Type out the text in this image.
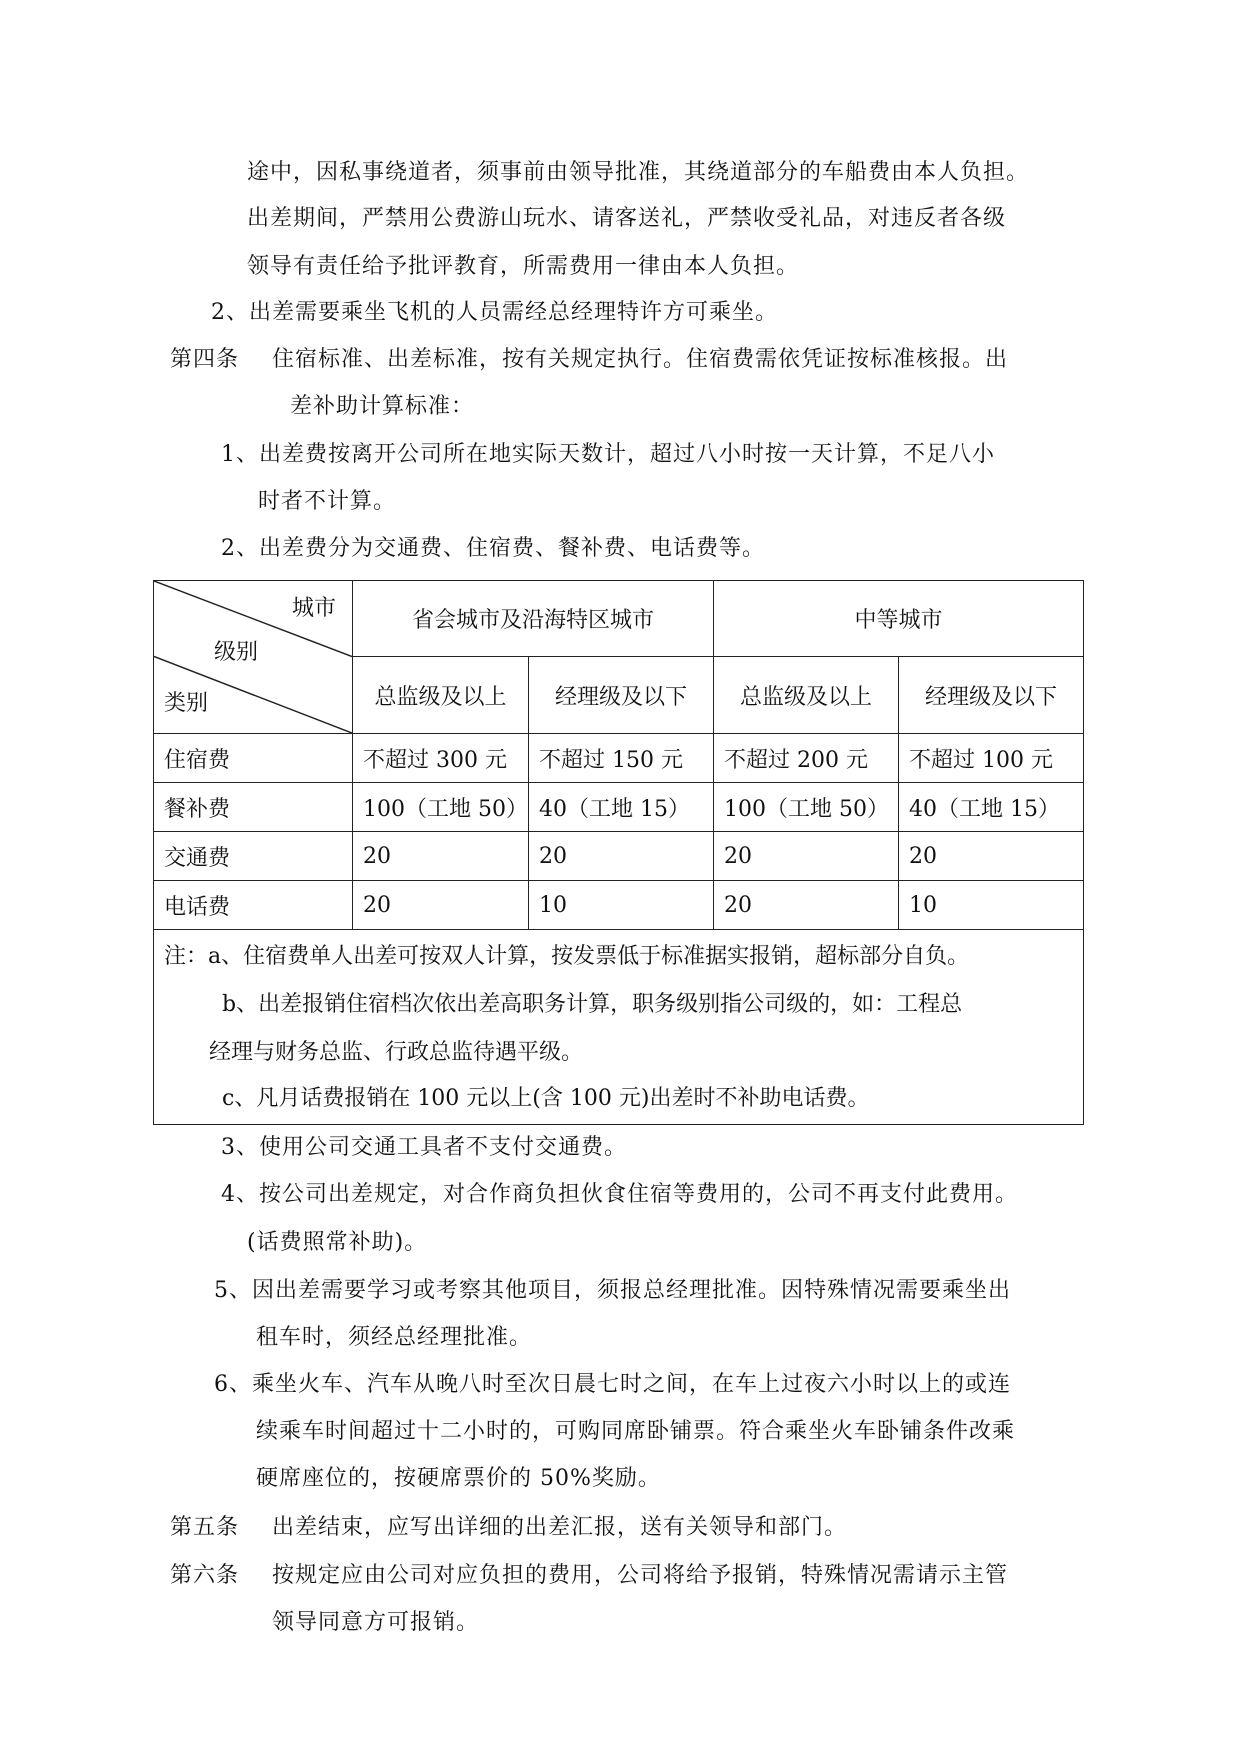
途中，因私事绕道者，须事前由领导批准，其绕道部分的车船费由本人负担。
出差期间，严禁用公费游山玩水、请客送礼，严禁收受礼品，对违反者各级
领导有责任给予批评教育，所需费用一律由本人负担。
2、出差需要乘坐飞机的人员需经总经理特许方可乘坐。
第四条 住宿标准、出差标准，按有关规定执行。住宿费需依凭证按标准核报。出
差补助计算标准：
1、出差费按离开公司所在地实际天数计，超过八小时按一天计算，不足八小
时者不计算。
2、出差费分为交通费、住宿费、餐补费、电话费等。
城市
级别
类别	省会城市及沿海特区城市		中等城市	
	总监级及以上	经理级及以下	总监级及以上	经理级及以下
住宿费	不超过 300 元	不超过 150 元	不超过 200 元	不超过 100 元
餐补费	100（工地 50）	40（工地 15）	100（工地 50）	40（工地 15）
交通费	20	20	20	20
电话费	20	10	20	10

注：a、住宿费单人出差可按双人计算，按发票低于标准据实报销，超标部分自负。
b、出差报销住宿档次依出差高职务计算，职务级别指公司级的，如：工程总
经理与财务总监、行政总监待遇平级。
c、凡月话费报销在 100 元以上(含 100 元)出差时不补助电话费。				
3、使用公司交通工具者不支付交通费。
4、按公司出差规定，对合作商负担伙食住宿等费用的，公司不再支付此费用。
(话费照常补助)。
5、因出差需要学习或考察其他项目，须报总经理批准。因特殊情况需要乘坐出
租车时，须经总经理批准。
6、乘坐火车、汽车从晚八时至次日晨七时之间，在车上过夜六小时以上的或连
续乘车时间超过十二小时的，可购同席卧铺票。符合乘坐火车卧铺条件改乘
硬席座位的，按硬席票价的 50%奖励。
第五条 出差结束，应写出详细的出差汇报，送有关领导和部门。
第六条 按规定应由公司对应负担的费用，公司将给予报销，特殊情况需请示主管
领导同意方可报销。
